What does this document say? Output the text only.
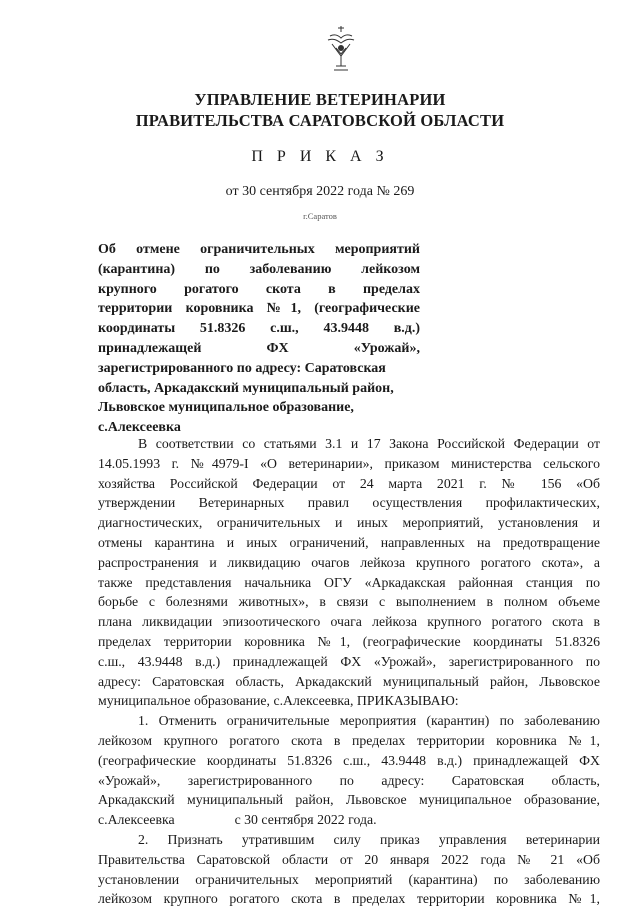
УПРАВЛЕНИЕ ВЕТЕРИНАРИИ
ПРАВИТЕЛЬСТВА САРАТОВСКОЙ ОБЛАСТИ
П Р И К А З
от 30 сентября 2022 года № 269
г.Саратов
Об отмене ограничительных мероприятий
(карантина) по заболеванию лейкозом
крупного рогатого скота в пределах
территории коровника №1, (географические
координаты 51.8326 с.ш., 43.9448 в.д.)
принадлежащей ФХ «Урожай»,
зарегистрированного по адресу: Саратовская
область, Аркадакский муниципальный район,
Львовское муниципальное образование,
с.Алексеевка
В соответствии со статьями 3.1 и 17 Закона Российской Федерации от
14.05.1993 г. №4979-I «О ветеринарии», приказом министерства сельского
хозяйства Российской Федерации от 24 марта 2021 г. № 156 «Об
утверждении Ветеринарных правил осуществления профилактических,
диагностических, ограничительных и иных мероприятий, установления и
отмены карантина и иных ограничений, направленных на предотвращение
распространения и ликвидацию очагов лейкоза крупного рогатого скота», а
также представления начальника ОГУ «Аркадакская районная станция по
борьбе с болезнями животных», в связи с выполнением в полном объеме
плана ликвидации эпизоотического очага лейкоза крупного рогатого скота в
пределах территории коровника №1, (географические координаты 51.8326
с.ш., 43.9448 в.д.) принадлежащей ФХ «Урожай», зарегистрированного по
адресу: Саратовская область, Аркадакский муниципальный район, Львовское
муниципальное образование, с.Алексеевка, ПРИКАЗЫВАЮ:
1. Отменить ограничительные мероприятия (карантин) по заболеванию
лейкозом крупного рогатого скота в пределах территории коровника №1,
(географические координаты 51.8326 с.ш., 43.9448 в.д.) принадлежащей ФХ
«Урожай», зарегистрированного по адресу: Саратовская область,
Аркадакский муниципальный район, Львовское муниципальное образование,
с.Алексеевка	с 30 сентября 2022 года.
2. Признать утратившим силу приказ управления ветеринарии
Правительства Саратовской области от 20 января 2022 года № 21 «Об
установлении ограничительных мероприятий (карантина) по заболеванию
лейкозом крупного рогатого скота в пределах территории коровника №1,
